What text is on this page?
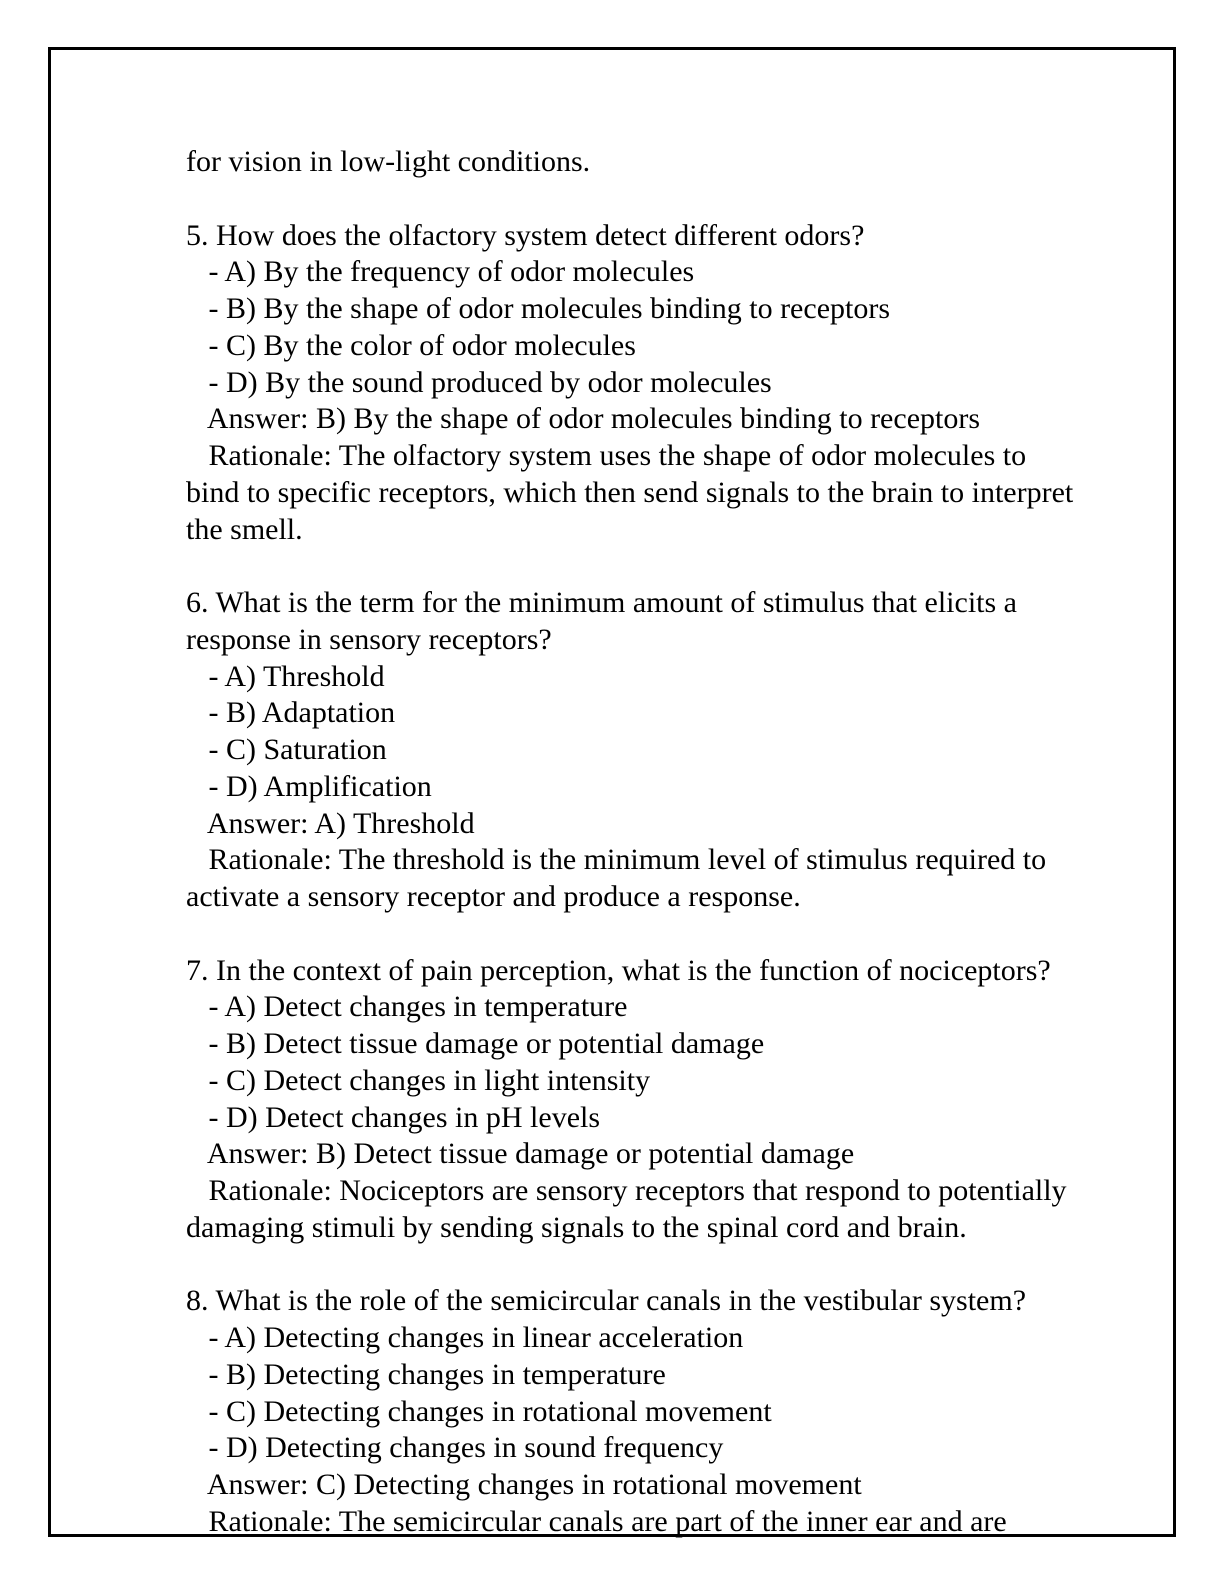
for vision in low-light conditions.
5. How does the olfactory system detect different odors?
- A) By the frequency of odor molecules
- B) By the shape of odor molecules binding to receptors
- C) By the color of odor molecules
- D) By the sound produced by odor molecules
Answer: B) By the shape of odor molecules binding to receptors
Rationale: The olfactory system uses the shape of odor molecules to
bind to specific receptors, which then send signals to the brain to interpret
the smell.
6. What is the term for the minimum amount of stimulus that elicits a
response in sensory receptors?
- A) Threshold
- B) Adaptation
- C) Saturation
- D) Amplification
Answer: A) Threshold
Rationale: The threshold is the minimum level of stimulus required to
activate a sensory receptor and produce a response.
7. In the context of pain perception, what is the function of nociceptors?
- A) Detect changes in temperature
- B) Detect tissue damage or potential damage
- C) Detect changes in light intensity
- D) Detect changes in pH levels
Answer: B) Detect tissue damage or potential damage
Rationale: Nociceptors are sensory receptors that respond to potentially
damaging stimuli by sending signals to the spinal cord and brain.
8. What is the role of the semicircular canals in the vestibular system?
- A) Detecting changes in linear acceleration
- B) Detecting changes in temperature
- C) Detecting changes in rotational movement
- D) Detecting changes in sound frequency
Answer: C) Detecting changes in rotational movement
Rationale: The semicircular canals are part of the inner ear and are
